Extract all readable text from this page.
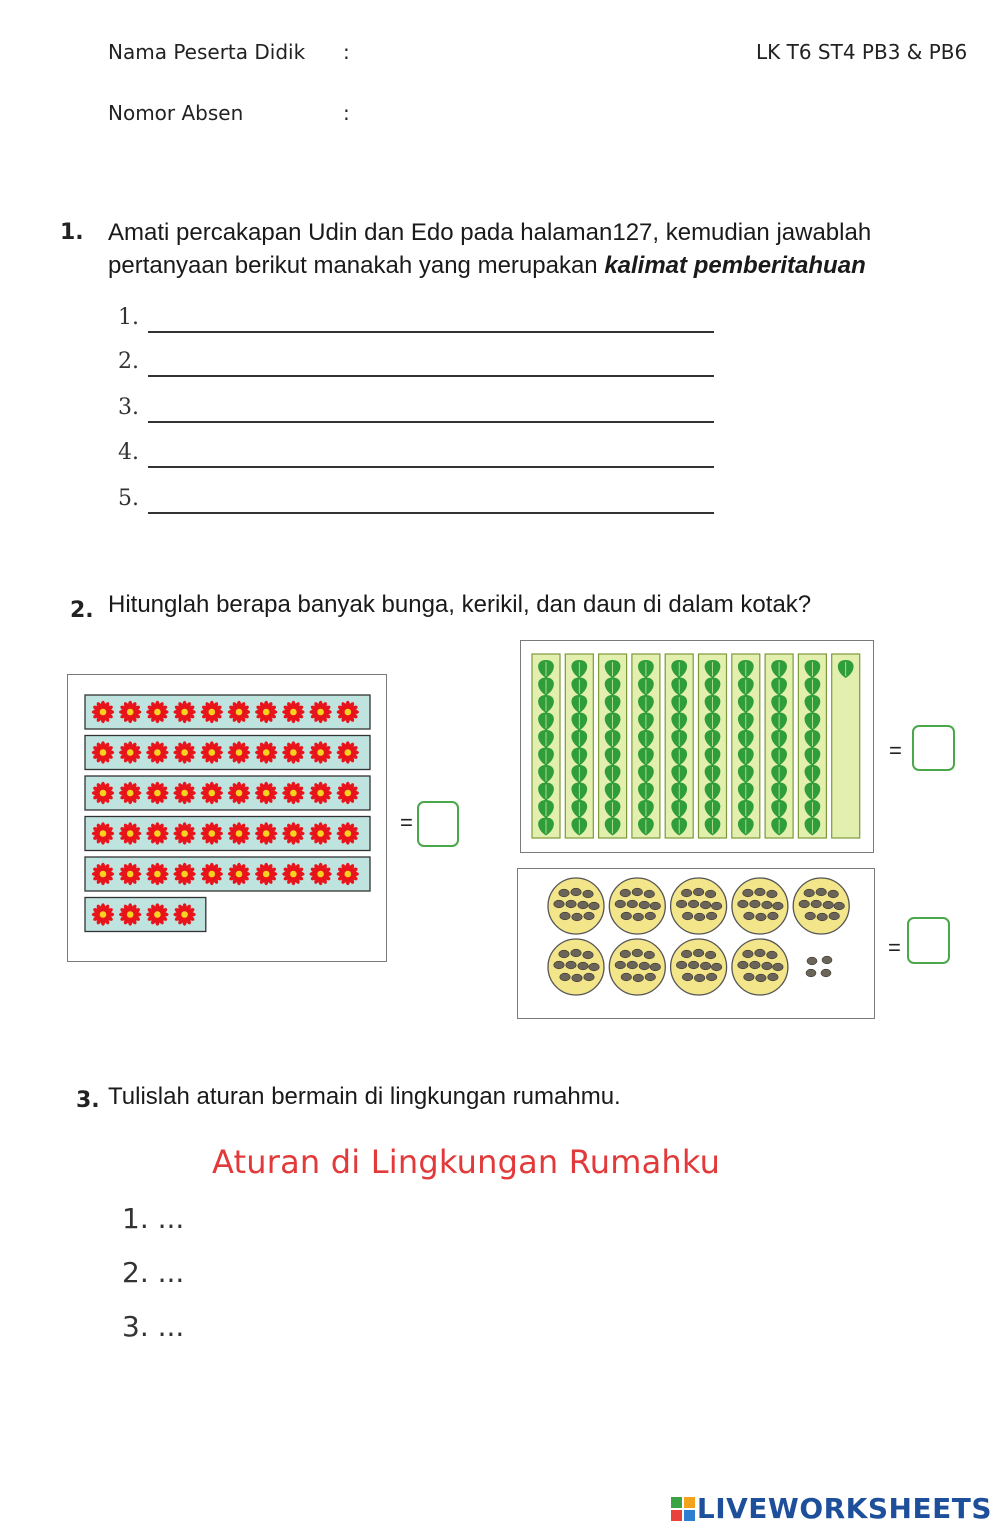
Nama Peserta Didik :	LK T6 ST4 PB3 & PB6
Nomor Absen	:
1. Amati percakapan Udin dan Edo pada halaman127, kemudian jawablah
pertanyaan berikut manakah yang merupakan kalimat pemberitahuan
1.
2.
3.
4.
5.
2. Hitunglah berapa banyak bunga, kerikil, dan daun di dalam kotak?
=
=
=
3. Tulislah aturan bermain di lingkungan rumahmu.
Aturan di Lingkungan Rumahku
1. ...
2. ...
3. ...
LIVEWORKSHEETS
